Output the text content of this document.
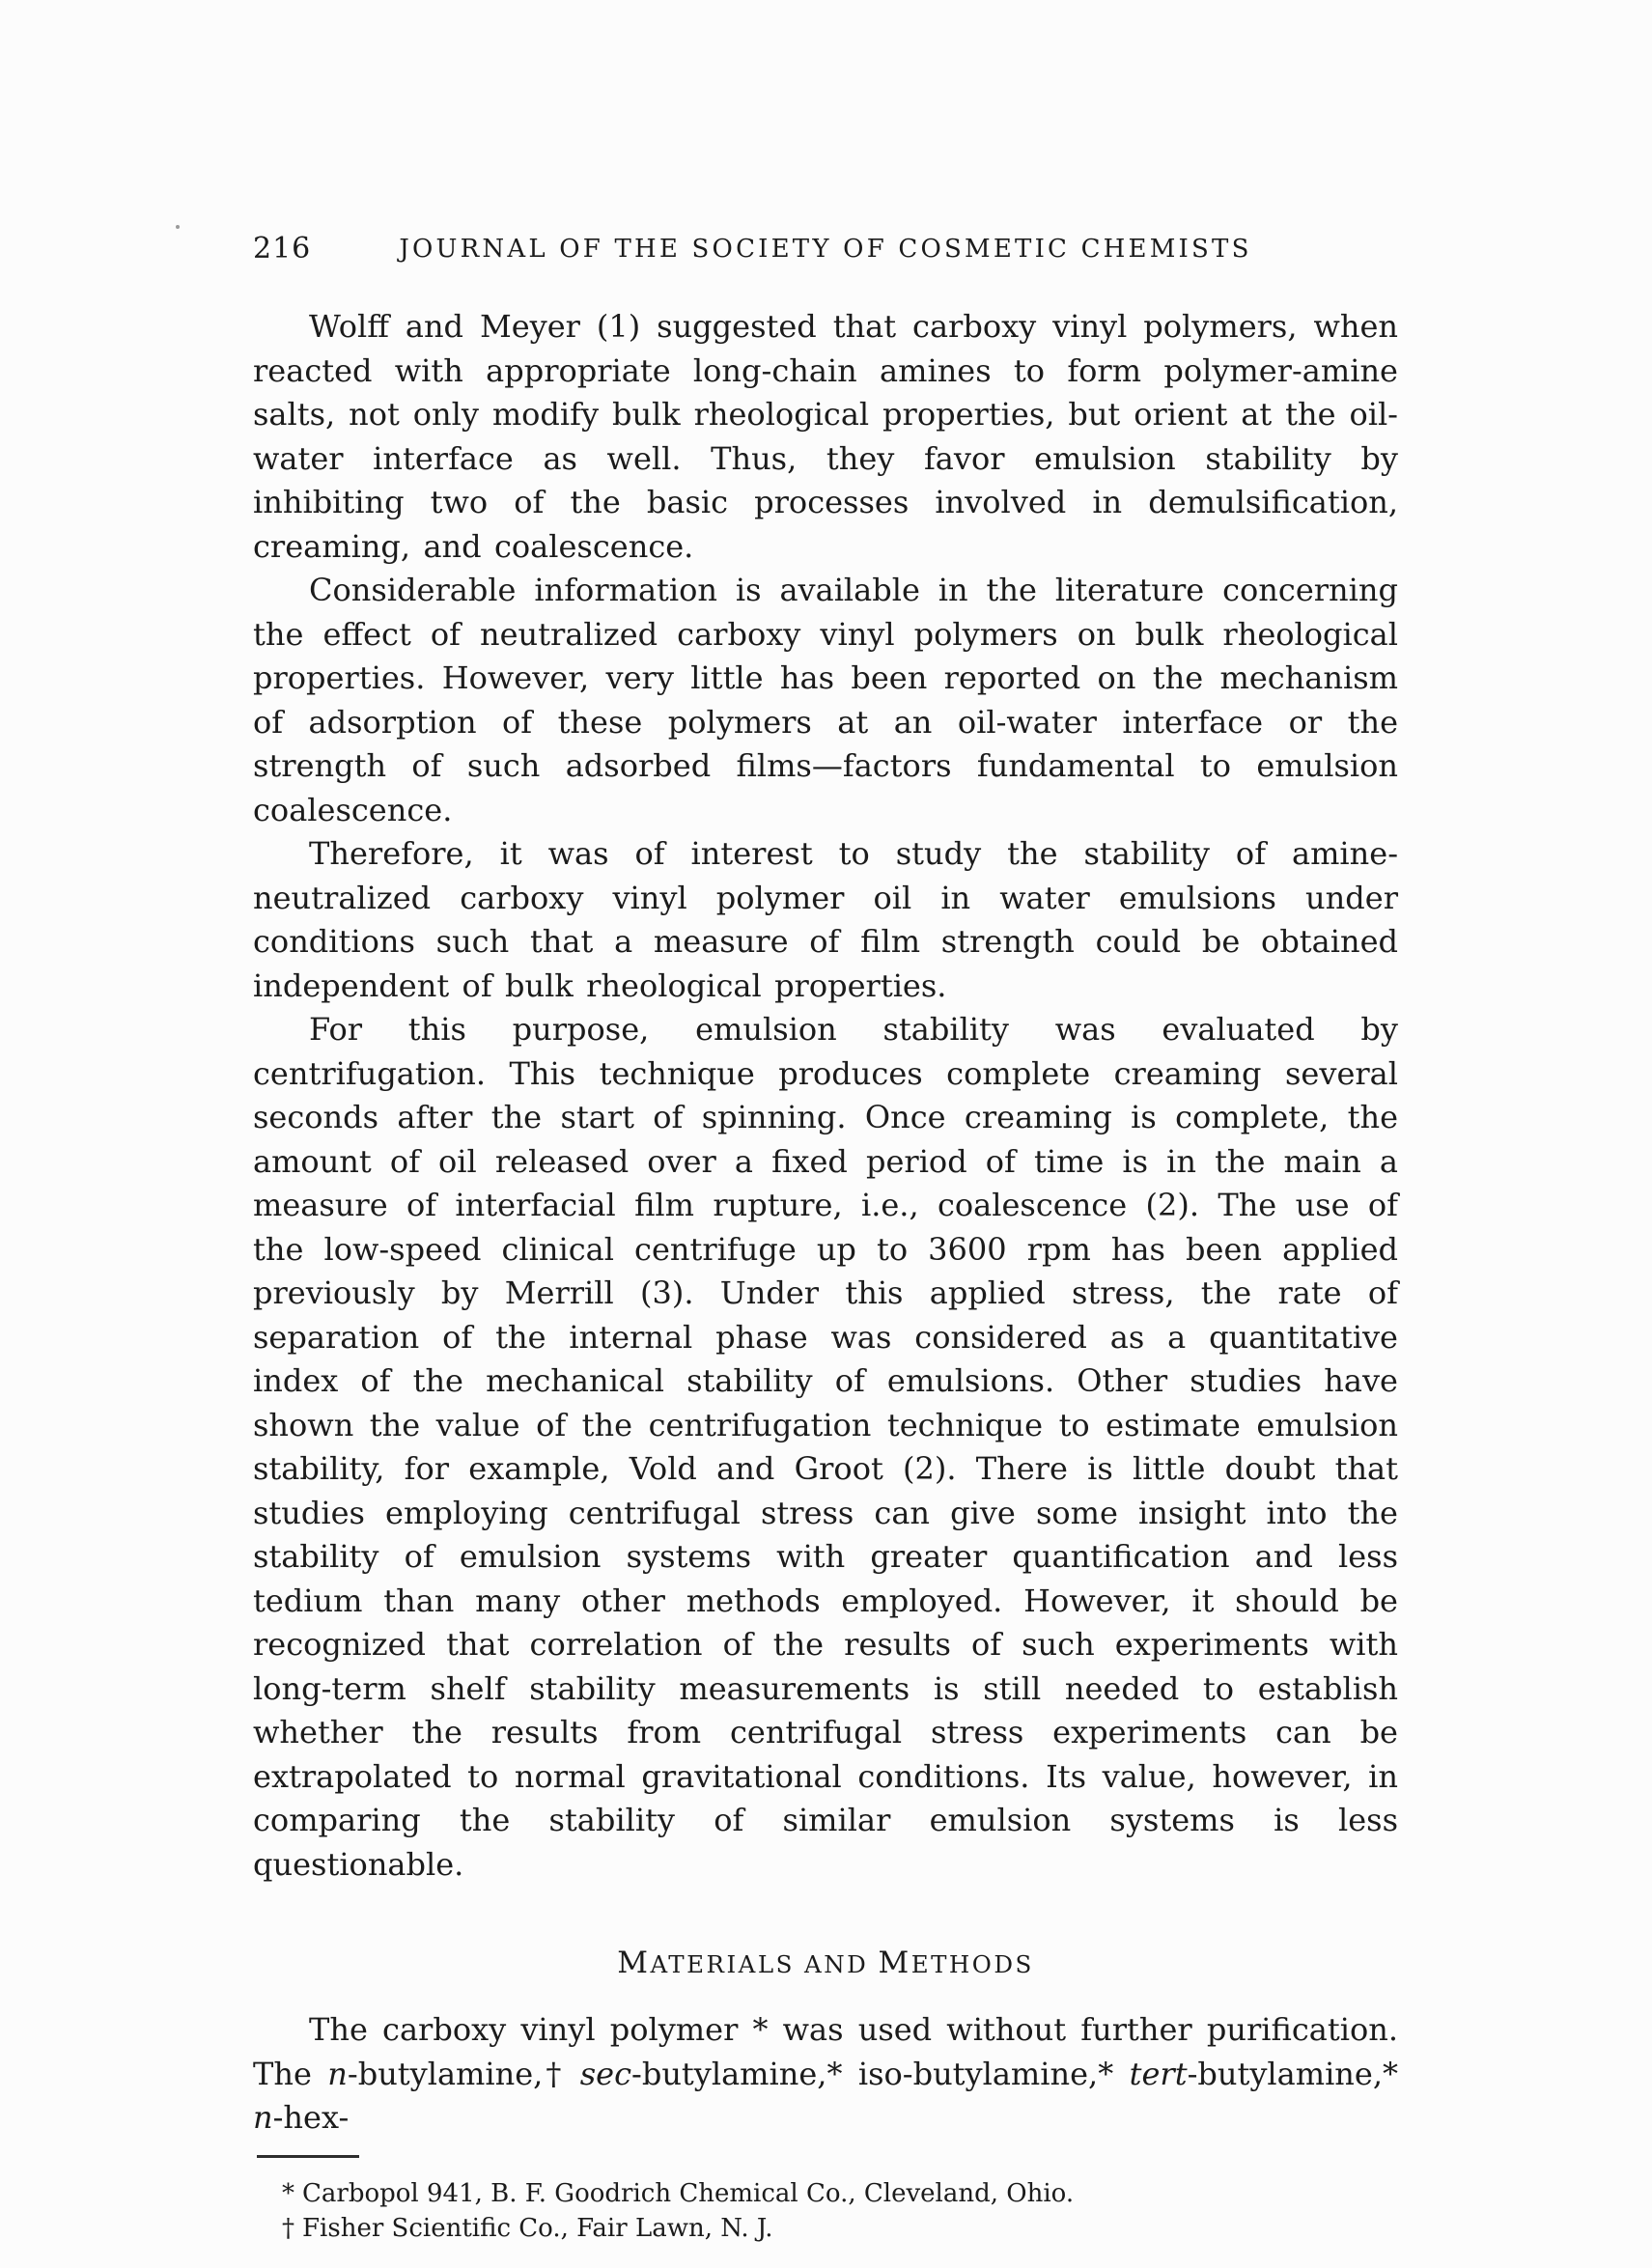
216	JOURNAL OF THE SOCIETY OF COSMETIC CHEMISTS

Wolff and Meyer (1) suggested that carboxy vinyl polymers, when reacted with appropriate long-chain amines to form polymer-amine salts, not only modify bulk rheological properties, but orient at the oil-water interface as well. Thus, they favor emulsion stability by inhibiting two of the basic processes involved in demulsification, creaming, and coalescence.

Considerable information is available in the literature concerning the effect of neutralized carboxy vinyl polymers on bulk rheological properties. However, very little has been reported on the mechanism of adsorption of these polymers at an oil-water interface or the strength of such adsorbed films—factors fundamental to emulsion coalescence.

Therefore, it was of interest to study the stability of amine-neutralized carboxy vinyl polymer oil in water emulsions under conditions such that a measure of film strength could be obtained independent of bulk rheological properties.

For this purpose, emulsion stability was evaluated by centrifugation. This technique produces complete creaming several seconds after the start of spinning. Once creaming is complete, the amount of oil released over a fixed period of time is in the main a measure of interfacial film rupture, i.e., coalescence (2). The use of the low-speed clinical centrifuge up to 3600 rpm has been applied previously by Merrill (3). Under this applied stress, the rate of separation of the internal phase was considered as a quantitative index of the mechanical stability of emulsions. Other studies have shown the value of the centrifugation technique to estimate emulsion stability, for example, Vold and Groot (2). There is little doubt that studies employing centrifugal stress can give some insight into the stability of emulsion systems with greater quantification and less tedium than many other methods employed. However, it should be recognized that correlation of the results of such experiments with long-term shelf stability measurements is still needed to establish whether the results from centrifugal stress experiments can be extrapolated to normal gravitational conditions. Its value, however, in comparing the stability of similar emulsion systems is less questionable.

MATERIALS AND METHODS

The carboxy vinyl polymer * was used without further purification. The n-butylamine,† sec-butylamine,* iso-butylamine,* tert-butylamine,* n-hex-

* Carbopol 941, B. F. Goodrich Chemical Co., Cleveland, Ohio.
† Fisher Scientific Co., Fair Lawn, N. J.
